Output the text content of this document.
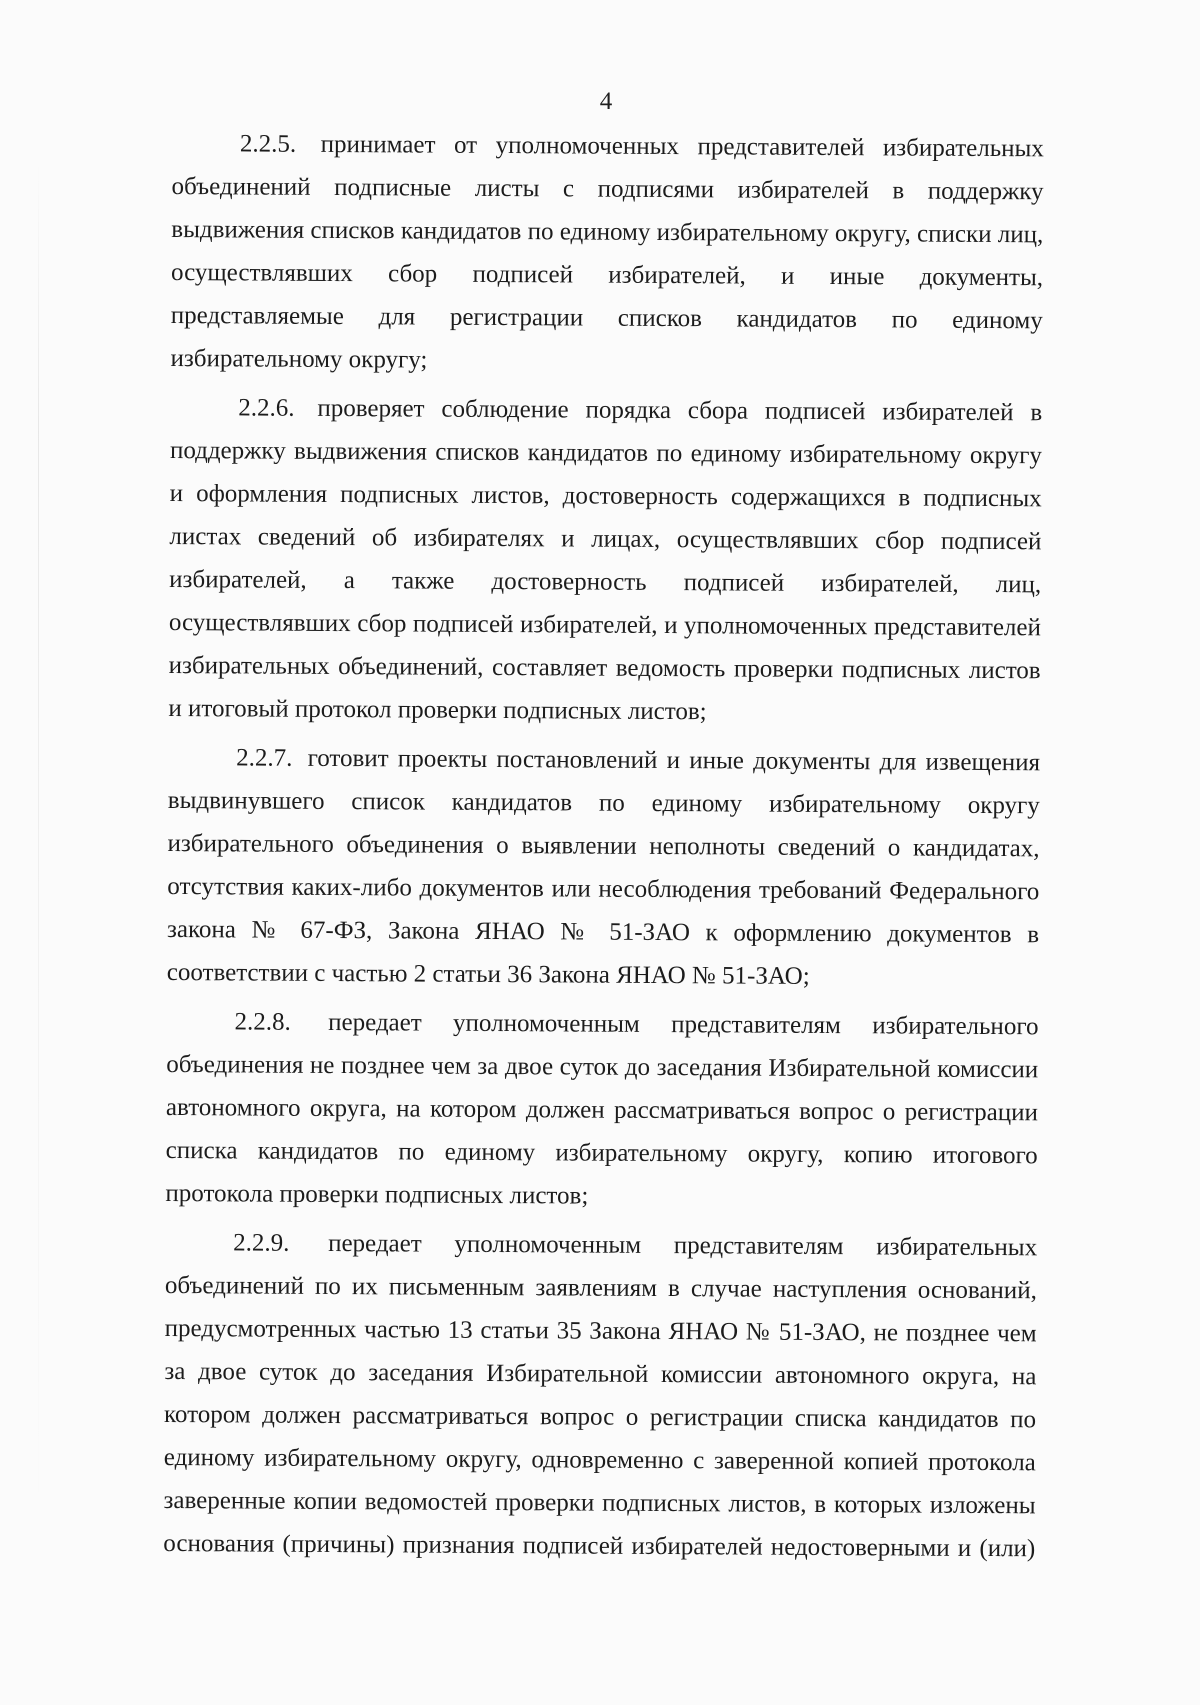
4

2.2.5. принимает от уполномоченных представителей избирательных объединений подписные листы с подписями избирателей в поддержку выдвижения списков кандидатов по единому избирательному округу, списки лиц, осуществлявших сбор подписей избирателей, и иные документы, представляемые для регистрации списков кандидатов по единому избирательному округу;

2.2.6. проверяет соблюдение порядка сбора подписей избирателей в поддержку выдвижения списков кандидатов по единому избирательному округу и оформления подписных листов, достоверность содержащихся в подписных листах сведений об избирателях и лицах, осуществлявших сбор подписей избирателей, а также достоверность подписей избирателей, лиц, осуществлявших сбор подписей избирателей, и уполномоченных представителей избирательных объединений, составляет ведомость проверки подписных листов и итоговый протокол проверки подписных листов;

2.2.7. готовит проекты постановлений и иные документы для извещения выдвинувшего список кандидатов по единому избирательному округу избирательного объединения о выявлении неполноты сведений о кандидатах, отсутствия каких-либо документов или несоблюдения требований Федерального закона № 67-ФЗ, Закона ЯНАО № 51-ЗАО к оформлению документов в соответствии с частью 2 статьи 36 Закона ЯНАО № 51-ЗАО;

2.2.8. передает уполномоченным представителям избирательного объединения не позднее чем за двое суток до заседания Избирательной комиссии автономного округа, на котором должен рассматриваться вопрос о регистрации списка кандидатов по единому избирательному округу, копию итогового протокола проверки подписных листов;

2.2.9. передает уполномоченным представителям избирательных объединений по их письменным заявлениям в случае наступления оснований, предусмотренных частью 13 статьи 35 Закона ЯНАО № 51-ЗАО, не позднее чем за двое суток до заседания Избирательной комиссии автономного округа, на котором должен рассматриваться вопрос о регистрации списка кандидатов по единому избирательному округу, одновременно с заверенной копией протокола заверенные копии ведомостей проверки подписных листов, в которых изложены основания (причины) признания подписей избирателей недостоверными и (или)
